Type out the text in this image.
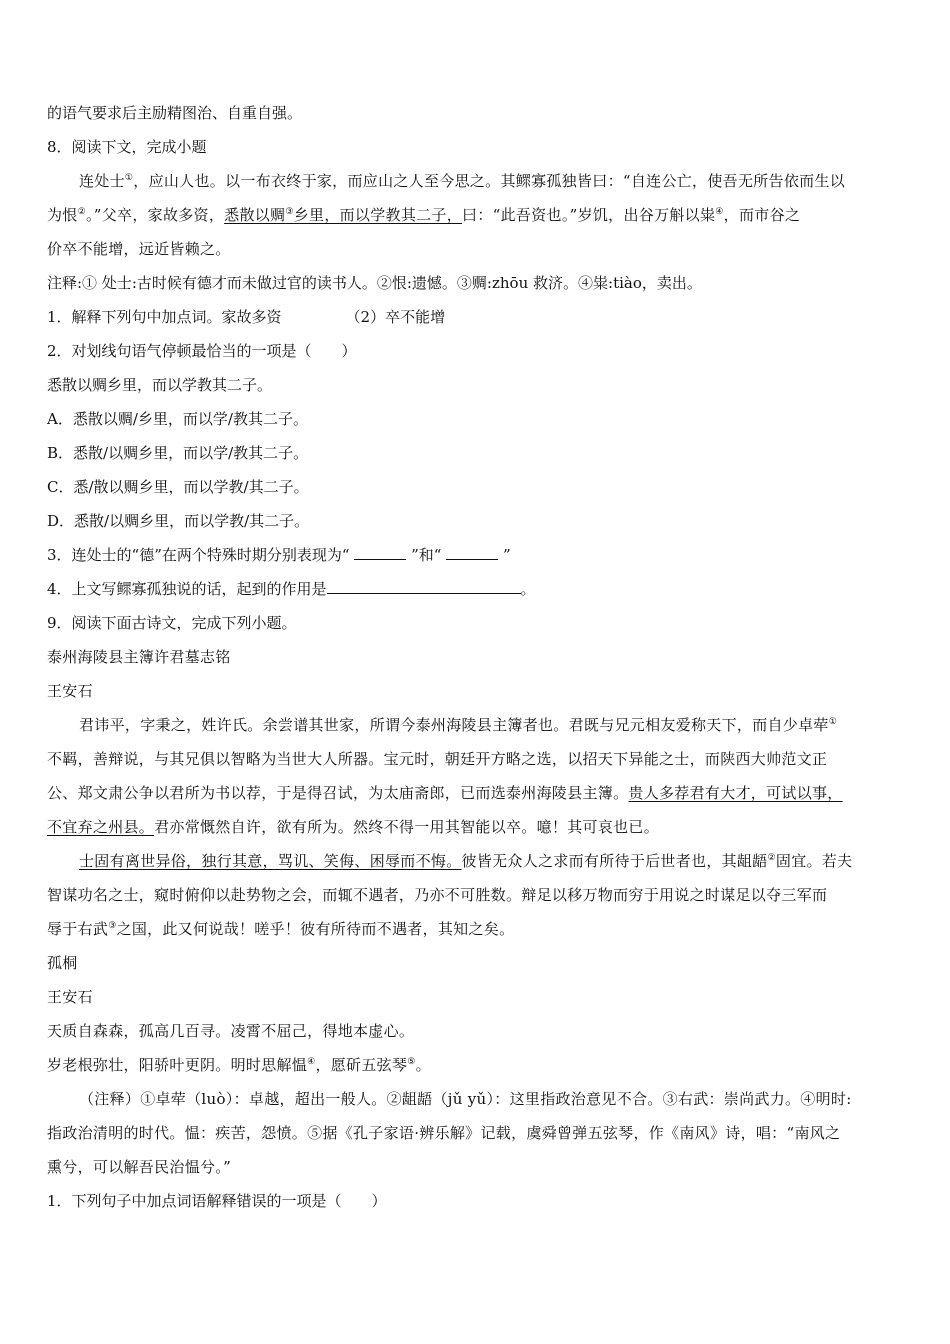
的语气要求后主励精图治、自重自强。
8．阅读下文，完成小题
连处士①，应山人也。以一布衣终于家，而应山之人至今思之。其鳏寡孤独皆曰：“自连公亡，使吾无所告依而生以
为恨②。”父卒，家故多资，悉散以赒③乡里，而以学教其二子，曰：“此吾资也。”岁饥，出谷万斛以粜④，而市谷之
价卒不能增，远近皆赖之。
注释:① 处士:古时候有德才而未做过官的读书人。②恨:遗憾。③赒:zhōu 救济。④粜:tiào，卖出。
1．解释下列句中加点词。家故多资	（2）卒不能增
2．对划线句语气停顿最恰当的一项是（　　）
悉散以赒乡里，而以学教其二子。
A．悉散以赒/乡里，而以学/教其二子。
B．悉散/以赒乡里，而以学/教其二子。
C．悉/散以赒乡里，而以学教/其二子。
D．悉散/以赒乡里，而以学教/其二子。
3．连处士的“德”在两个特殊时期分别表现为“	”和“	”
4．上文写鳏寡孤独说的话，起到的作用是	。
9．阅读下面古诗文，完成下列小题。
泰州海陵县主簿许君墓志铭
王安石
君讳平，字秉之，姓许氏。余尝谱其世家，所谓今泰州海陵县主簿者也。君既与兄元相友爱称天下，而自少卓荦①
不羁，善辩说，与其兄俱以智略为当世大人所器。宝元时，朝廷开方略之选，以招天下异能之士，而陕西大帅范文正
公、郑文肃公争以君所为书以荐，于是得召试，为太庙斋郎，已而选泰州海陵县主簿。贵人多荐君有大才，可试以事，
不宜弃之州县。君亦常慨然自许，欲有所为。然终不得一用其智能以卒。噫！其可哀也已。
士固有离世异俗，独行其意，骂讥、笑侮、困辱而不悔。彼皆无众人之求而有所待于后世者也，其龃龉②固宜。若夫
智谋功名之士，窥时俯仰以赴势物之会，而辄不遇者，乃亦不可胜数。辩足以移万物而穷于用说之时谋足以夺三军而
辱于右武③之国，此又何说哉！嗟乎！彼有所待而不遇者，其知之矣。
孤桐
王安石
天质自森森，孤高几百寻。凌霄不屈己，得地本虚心。
岁老根弥壮，阳骄叶更阴。明时思解愠④，愿斫五弦琴⑤。
（注释）①卓荦（luò）：卓越，超出一般人。②龃龉（jǔ yǔ）：这里指政治意见不合。③右武：崇尚武力。④明时:
指政治清明的时代。愠：疾苦，怨愤。⑤据《孔子家语·辨乐解》记载，虞舜曾弹五弦琴，作《南风》诗，唱：“南风之
熏兮，可以解吾民治愠兮。”
1．下列句子中加点词语解释错误的一项是（　　）
